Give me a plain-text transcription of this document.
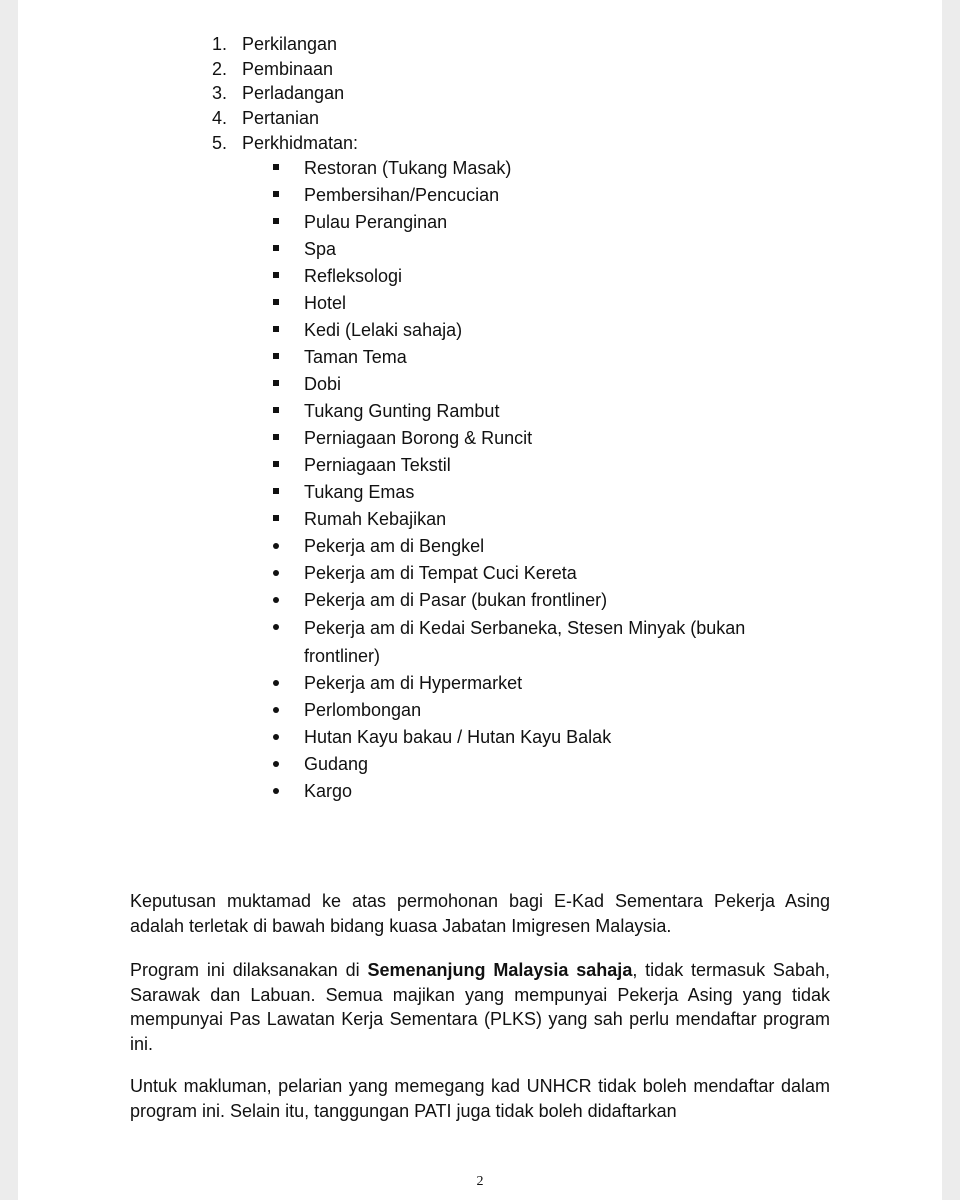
1. Perkilangan
2. Pembinaan
3. Perladangan
4. Pertanian
5. Perkhidmatan:
Restoran (Tukang Masak)
Pembersihan/Pencucian
Pulau Peranginan
Spa
Refleksologi
Hotel
Kedi (Lelaki sahaja)
Taman Tema
Dobi
Tukang Gunting Rambut
Perniagaan Borong & Runcit
Perniagaan Tekstil
Tukang Emas
Rumah Kebajikan
Pekerja am di Bengkel
Pekerja am di Tempat Cuci Kereta
Pekerja am di Pasar (bukan frontliner)
Pekerja am di Kedai Serbaneka, Stesen Minyak (bukan frontliner)
Pekerja am di Hypermarket
Perlombongan
Hutan Kayu bakau / Hutan Kayu Balak
Gudang
Kargo

Keputusan muktamad ke atas permohonan bagi E-Kad Sementara Pekerja Asing adalah terletak di bawah bidang kuasa Jabatan Imigresen Malaysia.

Program ini dilaksanakan di Semenanjung Malaysia sahaja, tidak termasuk Sabah, Sarawak dan Labuan. Semua majikan yang mempunyai Pekerja Asing yang tidak mempunyai Pas Lawatan Kerja Sementara (PLKS) yang sah perlu mendaftar program ini.

Untuk makluman, pelarian yang memegang kad UNHCR tidak boleh mendaftar dalam program ini. Selain itu, tanggungan PATI juga tidak boleh didaftarkan

2
